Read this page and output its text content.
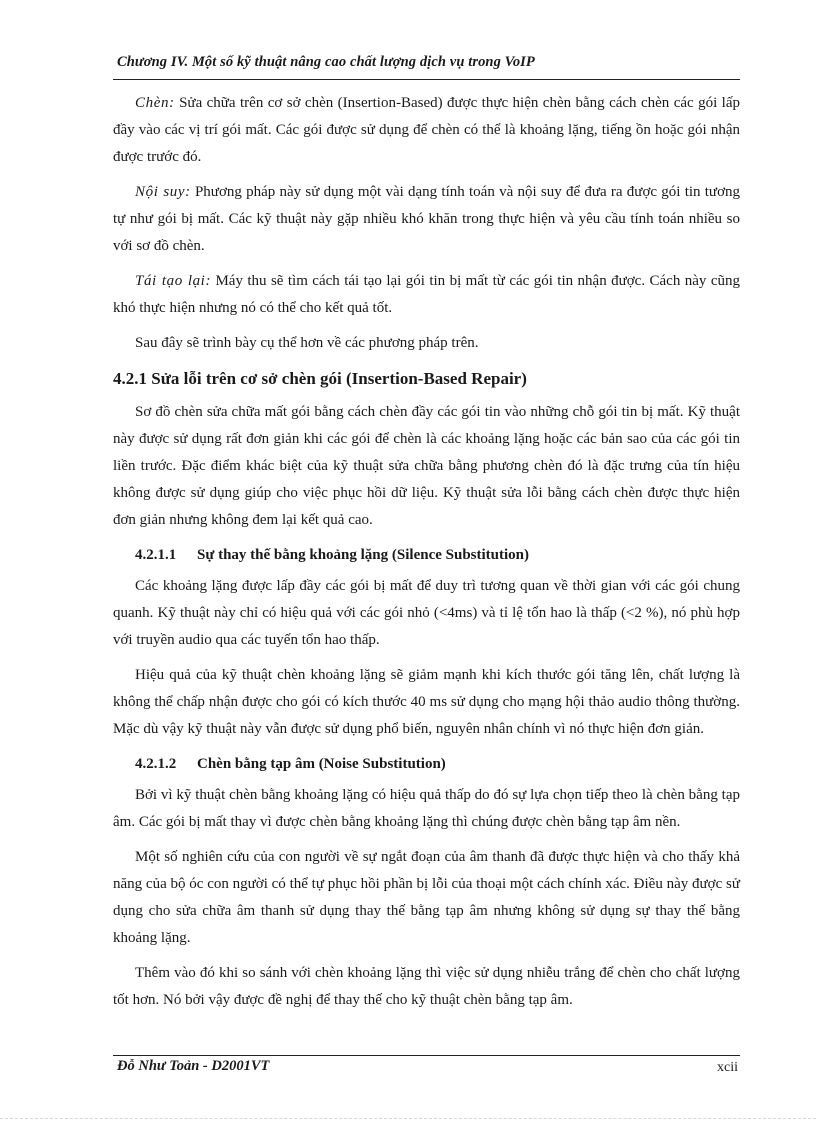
Chương IV. Một số kỹ thuật nâng cao chất lượng dịch vụ trong VoIP

Chèn: Sửa chữa trên cơ sở chèn (Insertion-Based) được thực hiện chèn bằng cách chèn các gói lấp đầy vào các vị trí gói mất. Các gói được sử dụng để chèn có thể là khoảng lặng, tiếng ồn hoặc gói nhận được trước đó.

Nội suy: Phương pháp này sử dụng một vài dạng tính toán và nội suy để đưa ra được gói tin tương tự như gói bị mất. Các kỹ thuật này gặp nhiều khó khăn trong thực hiện và yêu cầu tính toán nhiều so với sơ đồ chèn.

Tái tạo lại: Máy thu sẽ tìm cách tái tạo lại gói tin bị mất từ các gói tin nhận được. Cách này cũng khó thực hiện nhưng nó có thể cho kết quả tốt.

Sau đây sẽ trình bày cụ thể hơn về các phương pháp trên.

4.2.1 Sửa lỗi trên cơ sở chèn gói (Insertion-Based Repair)

Sơ đồ chèn sửa chữa mất gói bằng cách chèn đầy các gói tin vào những chỗ gói tin bị mất. Kỹ thuật này được sử dụng rất đơn giản khi các gói để chèn là các khoảng lặng hoặc các bản sao của các gói tin liền trước. Đặc điểm khác biệt của kỹ thuật sửa chữa bằng phương chèn đó là đặc trưng của tín hiệu không được sử dụng giúp cho việc phục hồi dữ liệu. Kỹ thuật sửa lỗi bằng cách chèn được thực hiện đơn giản nhưng không đem lại kết quả cao.

4.2.1.1 Sự thay thế bằng khoảng lặng (Silence Substitution)

Các khoảng lặng được lấp đầy các gói bị mất để duy trì tương quan về thời gian với các gói chung quanh. Kỹ thuật này chỉ có hiệu quả với các gói nhỏ (<4ms) và tỉ lệ tổn hao là thấp (<2 %), nó phù hợp với truyền audio qua các tuyến tổn hao thấp.

Hiệu quả của kỹ thuật chèn khoảng lặng sẽ giảm mạnh khi kích thước gói tăng lên, chất lượng là không thể chấp nhận được cho gói có kích thước 40 ms sử dụng cho mạng hội thảo audio thông thường. Mặc dù vậy kỹ thuật này vẫn được sử dụng phổ biến, nguyên nhân chính vì nó thực hiện đơn giản.

4.2.1.2 Chèn bằng tạp âm (Noise Substitution)

Bởi vì kỹ thuật chèn bằng khoảng lặng có hiệu quả thấp do đó sự lựa chọn tiếp theo là chèn bằng tạp âm. Các gói bị mất thay vì được chèn bằng khoảng lặng thì chúng được chèn bằng tạp âm nền.

Một số nghiên cứu của con người về sự ngắt đoạn của âm thanh đã được thực hiện và cho thấy khả năng của bộ óc con người có thể tự phục hồi phần bị lỗi của thoại một cách chính xác. Điều này được sử dụng cho sửa chữa âm thanh sử dụng thay thế bằng tạp âm nhưng không sử dụng sự thay thế bằng khoảng lặng.

Thêm vào đó khi so sánh với chèn khoảng lặng thì việc sử dụng nhiễu trắng để chèn cho chất lượng tốt hơn. Nó bởi vậy được đề nghị để thay thế cho kỹ thuật chèn bằng tạp âm.

Đỗ Như Toản - D2001VT	xcii
